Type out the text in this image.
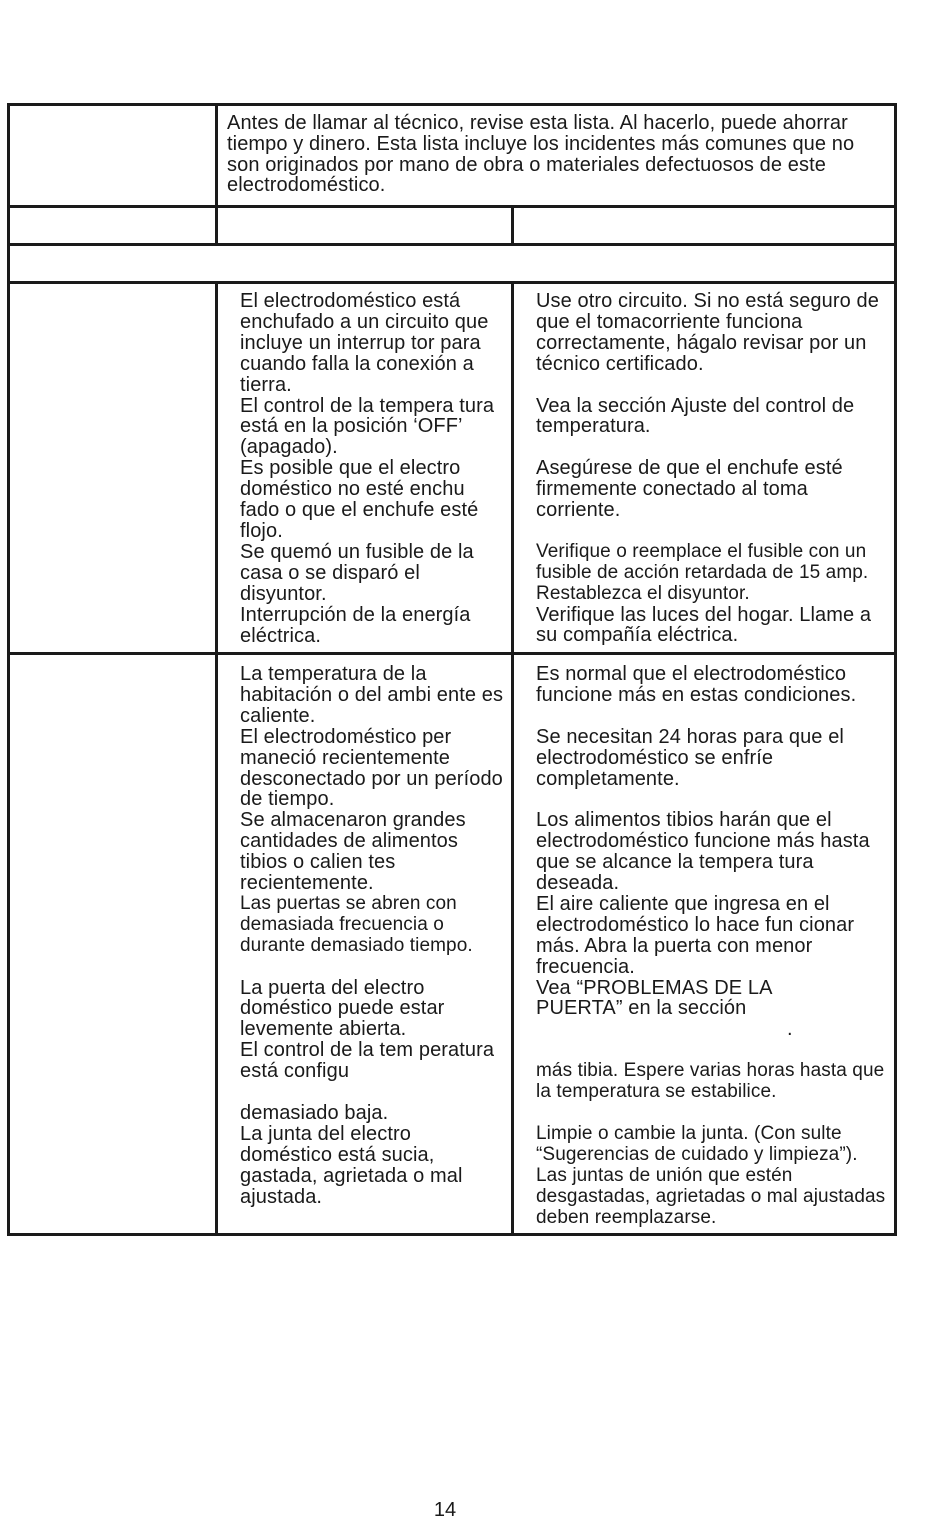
Antes de llamar al técnico, revise esta lista. Al hacerlo, puede ahorrar tiempo y dinero. Esta lista incluye los incidentes más comunes que no son originados por mano de obra o materiales defectuosos de este electrodoméstico.

El electrodoméstico está enchufado a un circuito que incluye un interrup tor para cuando falla la conexión a tierra.

El control de la tempera tura está en la posición ‘OFF’ (apagado).

Es posible que el electro doméstico no esté enchu fado o que el enchufe esté flojo.

Se quemó un fusible de la casa o se disparó el disyuntor.

Interrupción de la energía eléctrica.

Use otro circuito. Si no está seguro de que el tomacorriente funciona correctamente, hágalo revisar por un técnico certificado.

Vea la sección Ajuste del control de temperatura.

Asegúrese de que el enchufe esté firmemente conectado al toma corriente.

Verifique o reemplace el fusible con un fusible de acción retardada de 15 amp. Restablezca el disyuntor.

Verifique las luces del hogar. Llame a su compañía eléctrica.

La temperatura de la habitación o del ambi ente es caliente.

El electrodoméstico per maneció recientemente desconectado por un período de tiempo.

Se almacenaron grandes cantidades de alimentos tibios o calien tes recientemente.

Las puertas se abren con demasiada frecuencia o durante demasiado tiempo.

La puerta del electro doméstico puede estar levemente abierta.

El control de la tem peratura está configu

demasiado baja.

La junta del electro doméstico está sucia, gastada, agrietada o mal ajustada.

Es normal que el electrodoméstico funcione más en estas condiciones.

Se necesitan 24 horas para que el electrodoméstico se enfríe completamente.

Los alimentos tibios harán que el electrodoméstico funcione más hasta que se alcance la tempera tura deseada.

El aire caliente que ingresa en el electrodoméstico lo hace fun cionar más. Abra la puerta con menor frecuencia.

Vea “PROBLEMAS DE LA PUERTA” en la sección

.

más tibia. Espere varias horas hasta que la temperatura se estabilice.

Limpie o cambie la junta. (Con sulte “Sugerencias de cuidado y limpieza”). Las juntas de unión que estén desgastadas, agrietadas o mal ajustadas deben reemplazarse.

14
